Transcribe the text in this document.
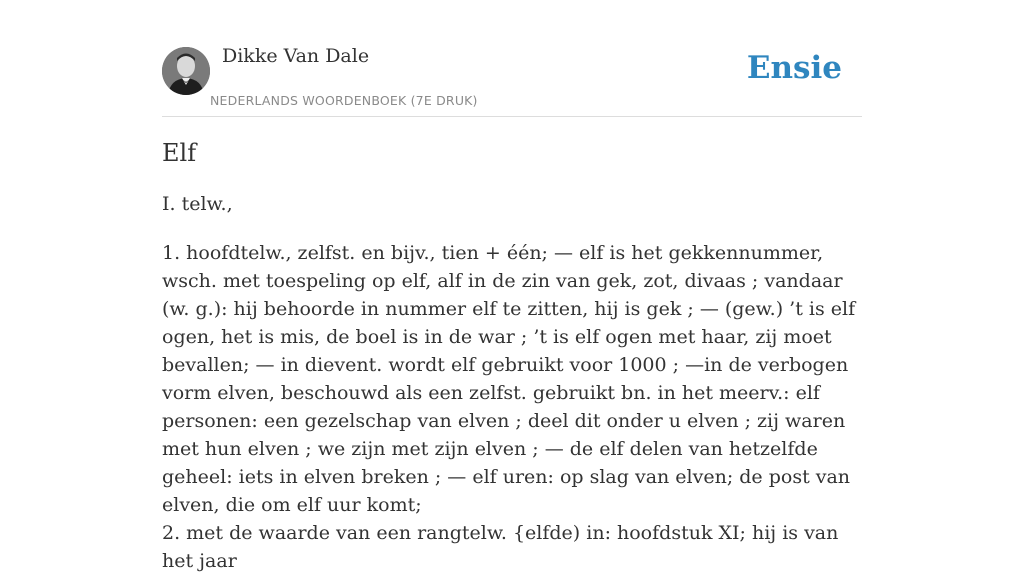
Dikke Van Dale
NEDERLANDS WOORDENBOEK (7E DRUK)
Ensie
Elf
I. telw.,

1. hoofdtelw., zelfst. en bijv., tien + één; — elf is het gekkennummer, wsch. met toespeling op elf, alf in de zin van gek, zot, divaas ; vandaar (w. g.): hij behoorde in nummer elf te zitten, hij is gek ; — (gew.) ’t is elf ogen, het is mis, de boel is in de war ; ’t is elf ogen met haar, zij moet bevallen; — in dievent. wordt elf gebruikt voor 1000 ; —in de verbogen vorm elven, beschouwd als een zelfst. gebruikt bn. in het meerv.: elf personen: een gezelschap van elven ; deel dit onder u elven ; zij waren met hun elven ; we zijn met zijn elven ; — de elf delen van hetzelfde geheel: iets in elven breken ; — elf uren: op slag van elven; de post van elven, die om elf uur komt;

2. met de waarde van een rangtelw. {elfde) in: hoofdstuk XI; hij is van het jaar
